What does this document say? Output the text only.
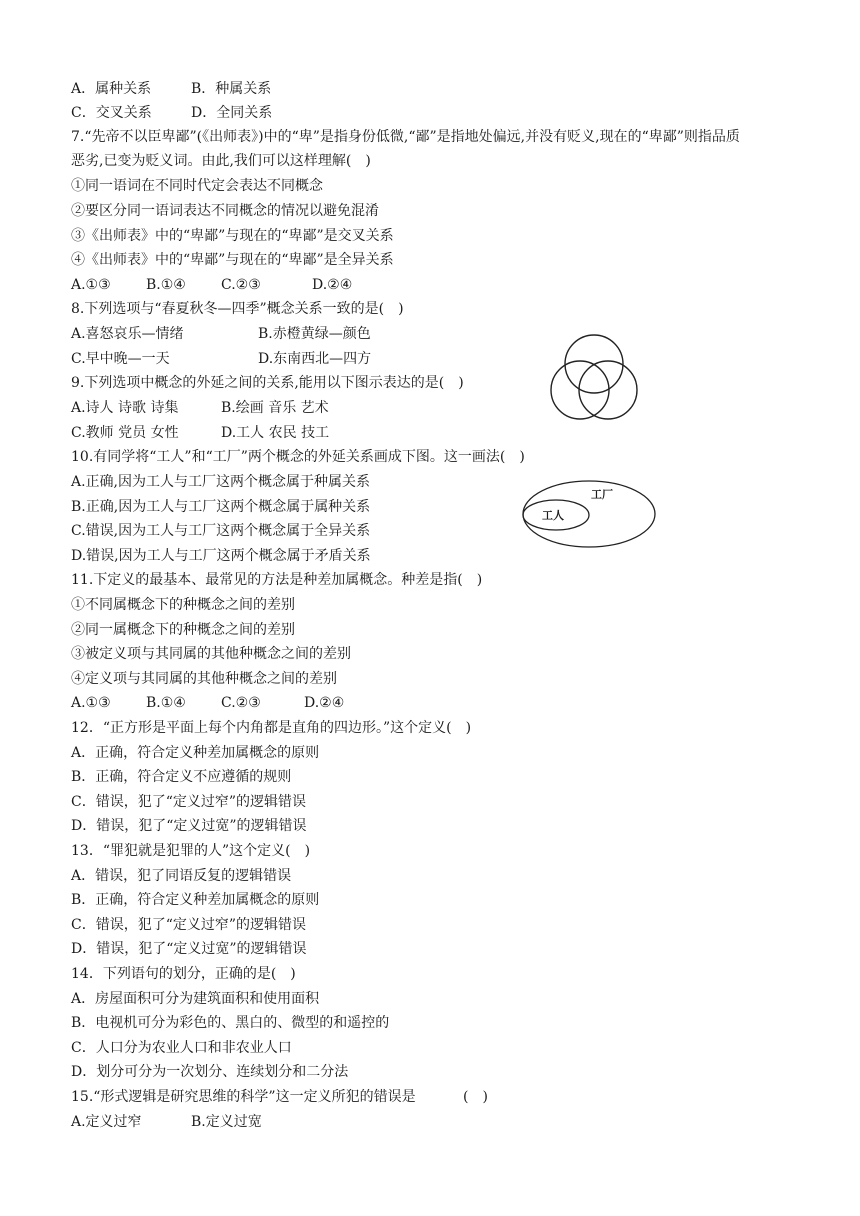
A．属种关系	B．种属关系
C．交叉关系	D．全同关系
7.“先帝不以臣卑鄙”(《出师表》)中的“卑”是指身份低微,“鄙”是指地处偏远,并没有贬义,现在的“卑鄙”则指品质
恶劣,已变为贬义词。由此,我们可以这样理解(　)
①同一语词在不同时代定会表达不同概念
②要区分同一语词表达不同概念的情况以避免混淆
③《出师表》中的“卑鄙”与现在的“卑鄙”是交叉关系
④《出师表》中的“卑鄙”与现在的“卑鄙”是全异关系
A.①③	B.①④	C.②③	D.②④
8.下列选项与“春夏秋冬—四季”概念关系一致的是(　)
A.喜怒哀乐—情绪	B.赤橙黄绿—颜色
C.早中晚—一天	D.东南西北—四方
9.下列选项中概念的外延之间的关系,能用以下图示表达的是(　)
A.诗人 诗歌 诗集	B.绘画 音乐 艺术
C.教师 党员 女性	D.工人 农民 技工
10.有同学将“工人”和“工厂”两个概念的外延关系画成下图。这一画法(　)
A.正确,因为工人与工厂这两个概念属于种属关系
B.正确,因为工人与工厂这两个概念属于属种关系
C.错误,因为工人与工厂这两个概念属于全异关系
D.错误,因为工人与工厂这两个概念属于矛盾关系
工厂
工人
11.下定义的最基本、最常见的方法是种差加属概念。种差是指(　)
①不同属概念下的种概念之间的差别
②同一属概念下的种概念之间的差别
③被定义项与其同属的其他种概念之间的差别
④定义项与其同属的其他种概念之间的差别
A.①③	B.①④	C.②③	D.②④
12．“正方形是平面上每个内角都是直角的四边形。”这个定义(　)
A．正确，符合定义种差加属概念的原则
B．正确，符合定义不应遵循的规则
C．错误，犯了“定义过窄”的逻辑错误
D．错误，犯了“定义过宽”的逻辑错误
13．“罪犯就是犯罪的人”这个定义(　)
A．错误，犯了同语反复的逻辑错误
B．正确，符合定义种差加属概念的原则
C．错误，犯了“定义过窄”的逻辑错误
D．错误，犯了“定义过宽”的逻辑错误
14．下列语句的划分，正确的是(　)
A．房屋面积可分为建筑面积和使用面积
B．电视机可分为彩色的、黑白的、微型的和遥控的
C．人口分为农业人口和非农业人口
D．划分可分为一次划分、连续划分和二分法
15.“形式逻辑是研究思维的科学”这一定义所犯的错误是	(　)
A.定义过窄	B.定义过宽
